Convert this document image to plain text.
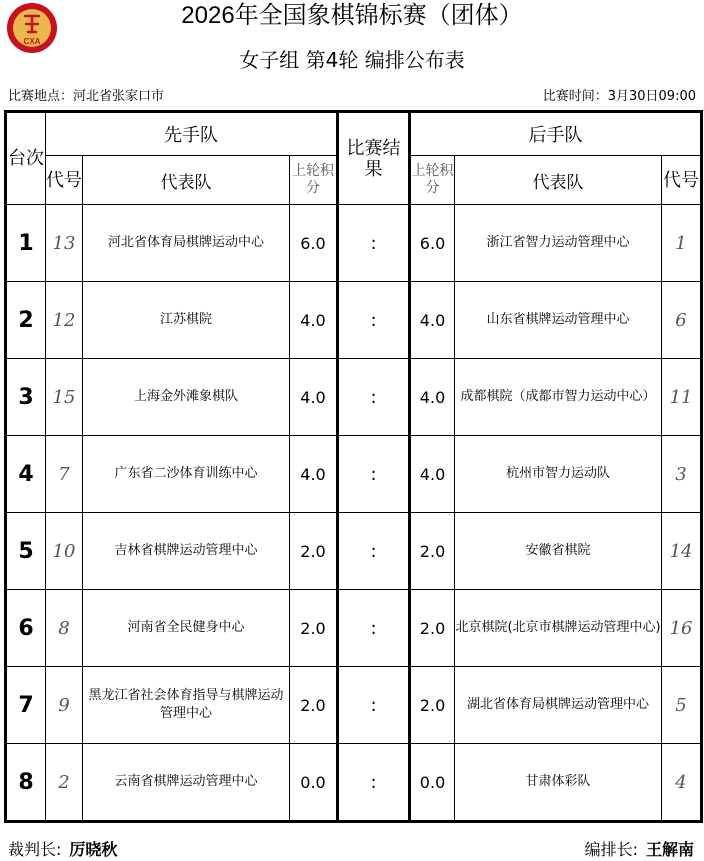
CXA
2026年全国象棋锦标赛（团体）
女子组 第4轮 编排公布表
比赛地点：河北省张家口市	比赛时间：3月30日09:00
台次	先手队			比赛结果	后手队		
	代号	代表队	上轮积分		上轮积分	代表队	代号
1	13	河北省体育局棋牌运动中心	6.0	:	6.0	浙江省智力运动管理中心	1
2	12	江苏棋院	4.0	:	4.0	山东省棋牌运动管理中心	6
3	15	上海金外滩象棋队	4.0	:	4.0	成都棋院（成都市智力运动中心）	11
4	7	广东省二沙体育训练中心	4.0	:	4.0	杭州市智力运动队	3
5	10	吉林省棋牌运动管理中心	2.0	:	2.0	安徽省棋院	14
6	8	河南省全民健身中心	2.0	:	2.0	北京棋院(北京市棋牌运动管理中心)	16
7	9	黑龙江省社会体育指导与棋牌运动管理中心	2.0	:	2.0	湖北省体育局棋牌运动管理中心	5
8	2	云南省棋牌运动管理中心	0.0	:	0.0	甘肃体彩队	4
裁判长: 厉晓秋	编排长: 王解南
